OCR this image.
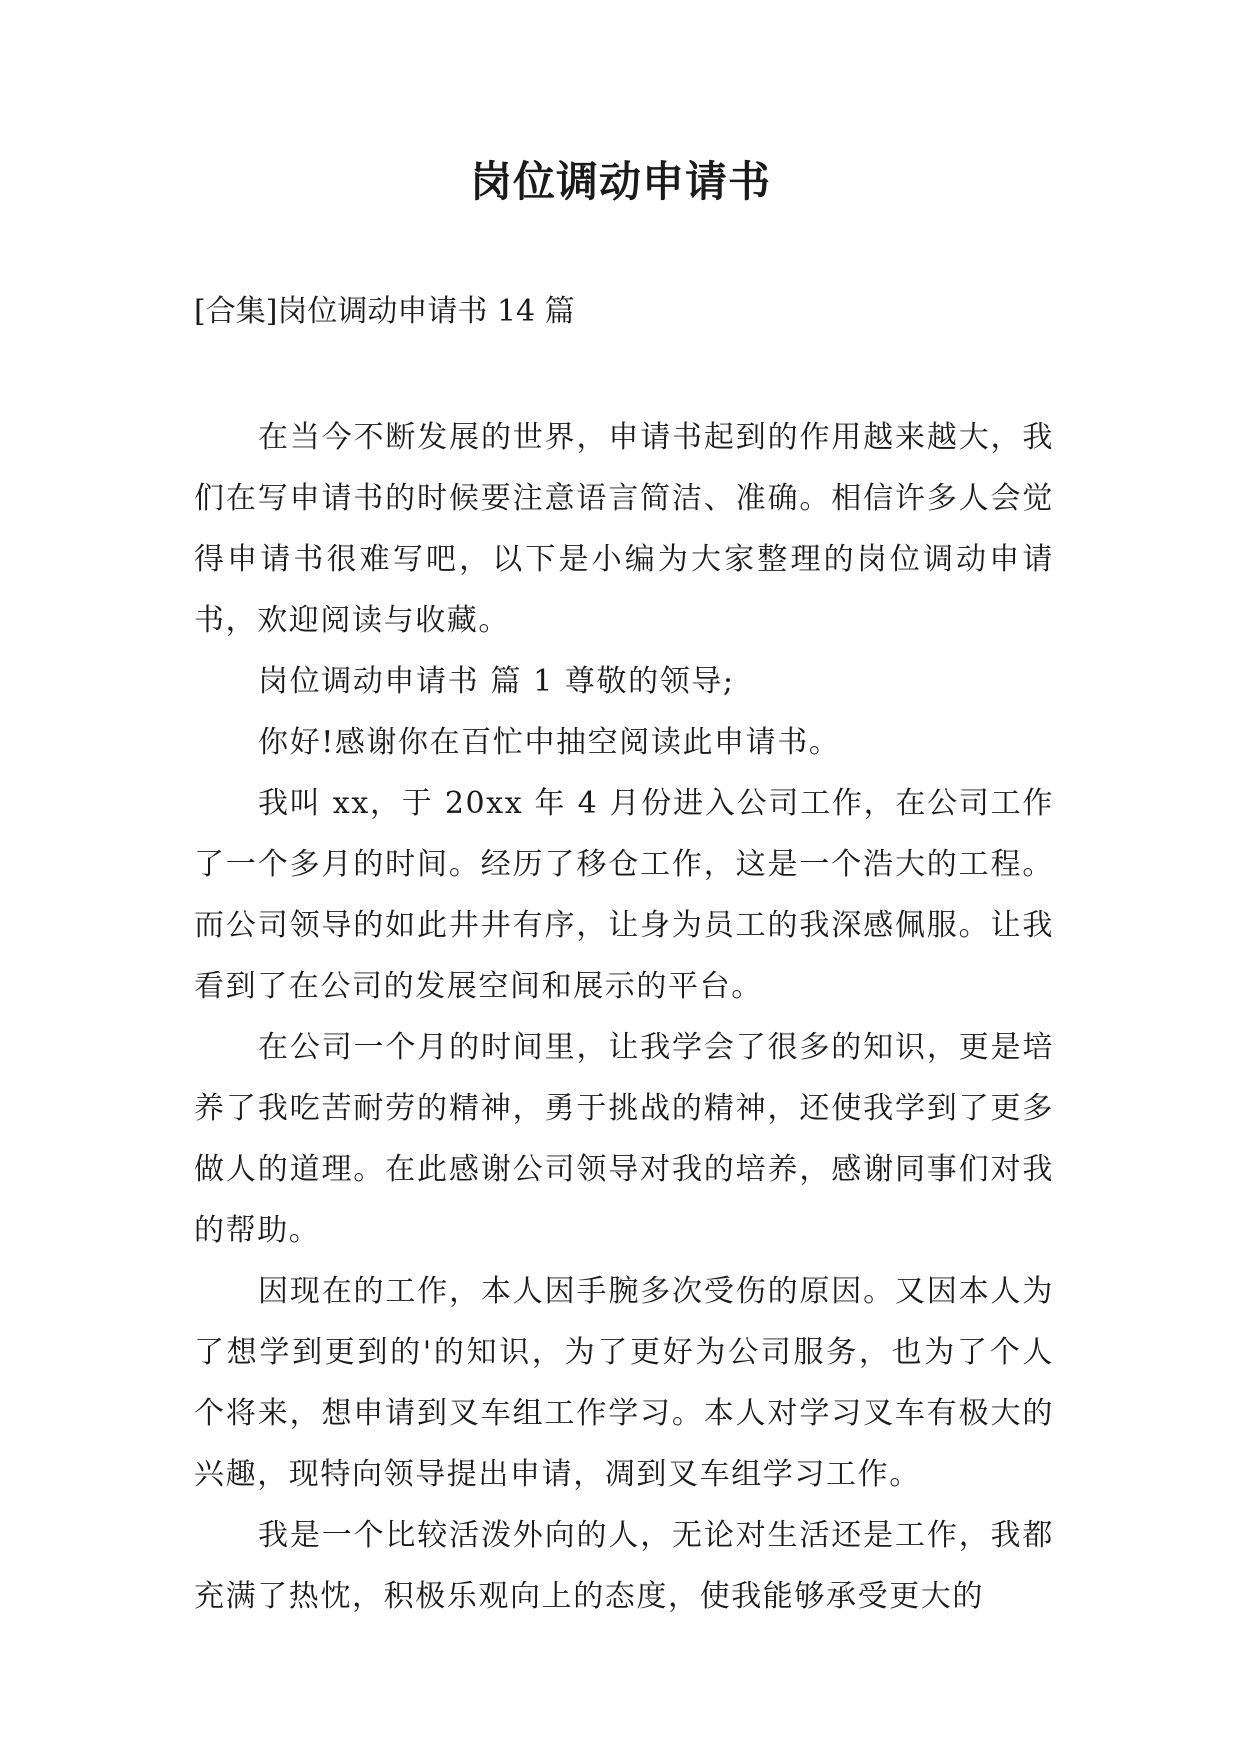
岗位调动申请书

[合集]岗位调动申请书 14 篇

在当今不断发展的世界，申请书起到的作用越来越大，我们在写申请书的时候要注意语言简洁、准确。相信许多人会觉得申请书很难写吧，以下是小编为大家整理的岗位调动申请书，欢迎阅读与收藏。

岗位调动申请书 篇 1 尊敬的领导;

你好!感谢你在百忙中抽空阅读此申请书。

我叫 xx，于 20xx 年 4 月份进入公司工作，在公司工作了一个多月的时间。经历了移仓工作，这是一个浩大的工程。而公司领导的如此井井有序，让身为员工的我深感佩服。让我看到了在公司的发展空间和展示的平台。

在公司一个月的时间里，让我学会了很多的知识，更是培养了我吃苦耐劳的精神，勇于挑战的精神，还使我学到了更多做人的道理。在此感谢公司领导对我的培养，感谢同事们对我的帮助。

因现在的工作，本人因手腕多次受伤的原因。又因本人为了想学到更到的'的知识，为了更好为公司服务，也为了个人个将来，想申请到叉车组工作学习。本人对学习叉车有极大的兴趣，现特向领导提出申请，凋到叉车组学习工作。

我是一个比较活泼外向的人，无论对生活还是工作，我都充满了热忱，积极乐观向上的态度，使我能够承受更大的
